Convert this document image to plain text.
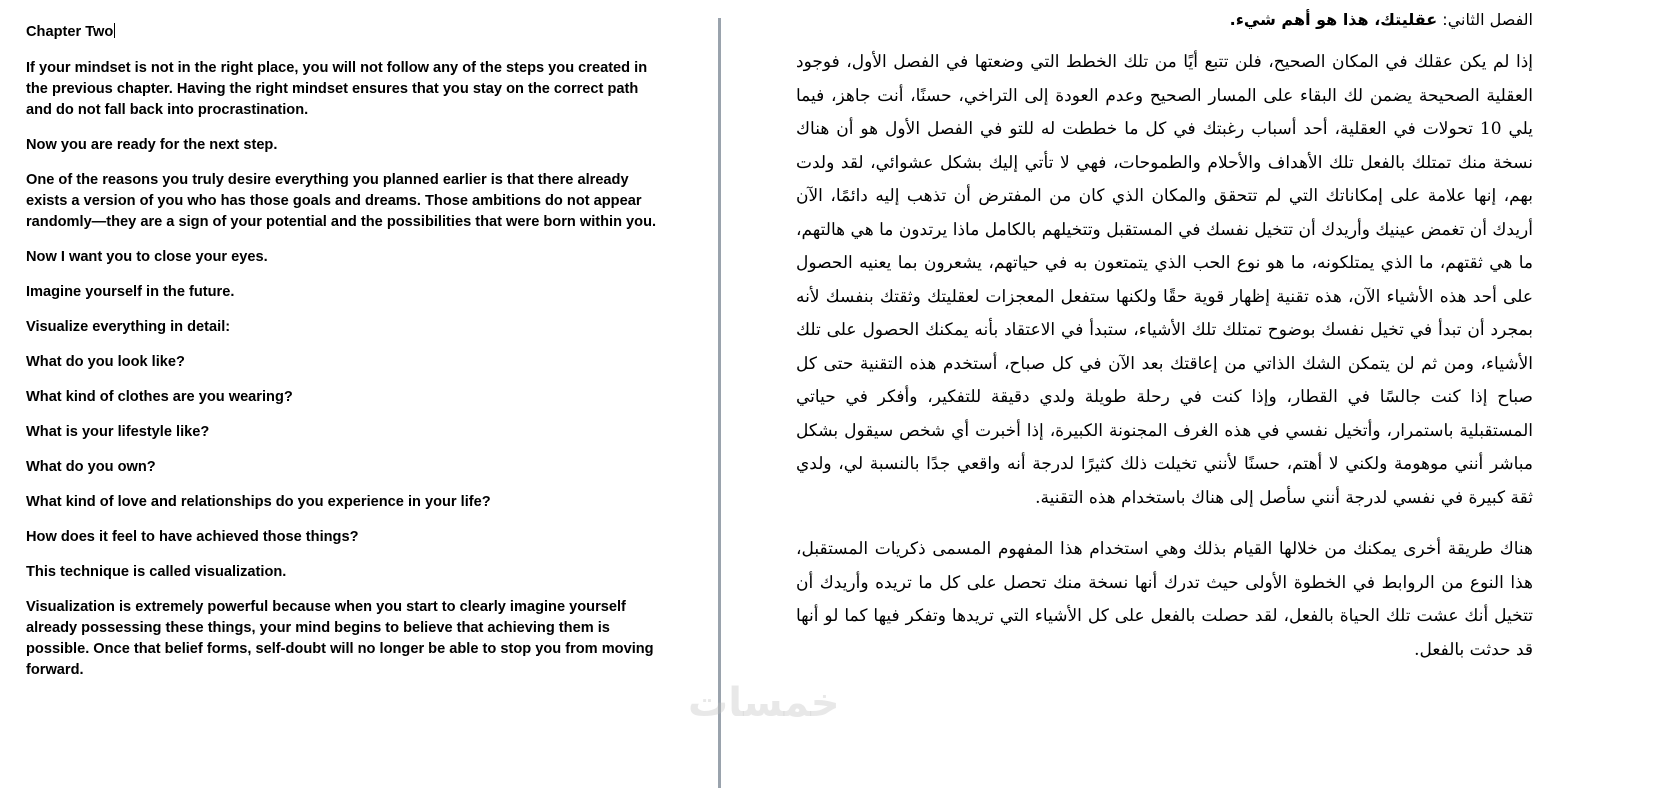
Chapter Two

If your mindset is not in the right place, you will not follow any of the steps you created in the previous chapter. Having the right mindset ensures that you stay on the correct path and do not fall back into procrastination.

Now you are ready for the next step.

One of the reasons you truly desire everything you planned earlier is that there already exists a version of you who has those goals and dreams. Those ambitions do not appear randomly—they are a sign of your potential and the possibilities that were born within you.

Now I want you to close your eyes.

Imagine yourself in the future.

Visualize everything in detail:

What do you look like?

What kind of clothes are you wearing?

What is your lifestyle like?

What do you own?

What kind of love and relationships do you experience in your life?

How does it feel to have achieved those things?

This technique is called visualization.

Visualization is extremely powerful because when you start to clearly imagine yourself already possessing these things, your mind begins to believe that achieving them is possible. Once that belief forms, self-doubt will no longer be able to stop you from moving forward.

الفصل الثاني: عقليتك، هذا هو أهم شيء.

إذا لم يكن عقلك في المكان الصحيح، فلن تتبع أيًا من تلك الخطط التي وضعتها في الفصل الأول، فوجود العقلية الصحيحة يضمن لك البقاء على المسار الصحيح وعدم العودة إلى التراخي، حسنًا، أنت جاهز، فيما يلي 10 تحولات في العقلية، أحد أسباب رغبتك في كل ما خططت له للتو في الفصل الأول هو أن هناك نسخة منك تمتلك بالفعل تلك الأهداف والأحلام والطموحات، فهي لا تأتي إليك بشكل عشوائي، لقد ولدت بهم، إنها علامة على إمكاناتك التي لم تتحقق والمكان الذي كان من المفترض أن تذهب إليه دائمًا، الآن أريدك أن تغمض عينيك وأريدك أن تتخيل نفسك في المستقبل وتتخيلهم بالكامل ماذا يرتدون ما هي هالتهم، ما هي ثقتهم، ما الذي يمتلكونه، ما هو نوع الحب الذي يتمتعون به في حياتهم، يشعرون بما يعنيه الحصول على أحد هذه الأشياء الآن، هذه تقنية إظهار قوية حقًا ولكنها ستفعل المعجزات لعقليتك وثقتك بنفسك لأنه بمجرد أن تبدأ في تخيل نفسك بوضوح تمتلك تلك الأشياء، ستبدأ في الاعتقاد بأنه يمكنك الحصول على تلك الأشياء، ومن ثم لن يتمكن الشك الذاتي من إعاقتك بعد الآن في كل صباح، أستخدم هذه التقنية حتى كل صباح إذا كنت جالسًا في القطار، وإذا كنت في رحلة طويلة ولدي دقيقة للتفكير، وأفكر في حياتي المستقبلية باستمرار، وأتخيل نفسي في هذه الغرف المجنونة الكبيرة، إذا أخبرت أي شخص سيقول بشكل مباشر أنني موهومة ولكني لا أهتم، حسنًا لأنني تخيلت ذلك كثيرًا لدرجة أنه واقعي جدًا بالنسبة لي، ولدي ثقة كبيرة في نفسي لدرجة أنني سأصل إلى هناك باستخدام هذه التقنية.

هناك طريقة أخرى يمكنك من خلالها القيام بذلك وهي استخدام هذا المفهوم المسمى ذكريات المستقبل، هذا النوع من الروابط في الخطوة الأولى حيث تدرك أنها نسخة منك تحصل على كل ما تريده وأريدك أن تتخيل أنك عشت تلك الحياة بالفعل، لقد حصلت بالفعل على كل الأشياء التي تريدها وتفكر فيها كما لو أنها قد حدثت بالفعل.

خمسات
